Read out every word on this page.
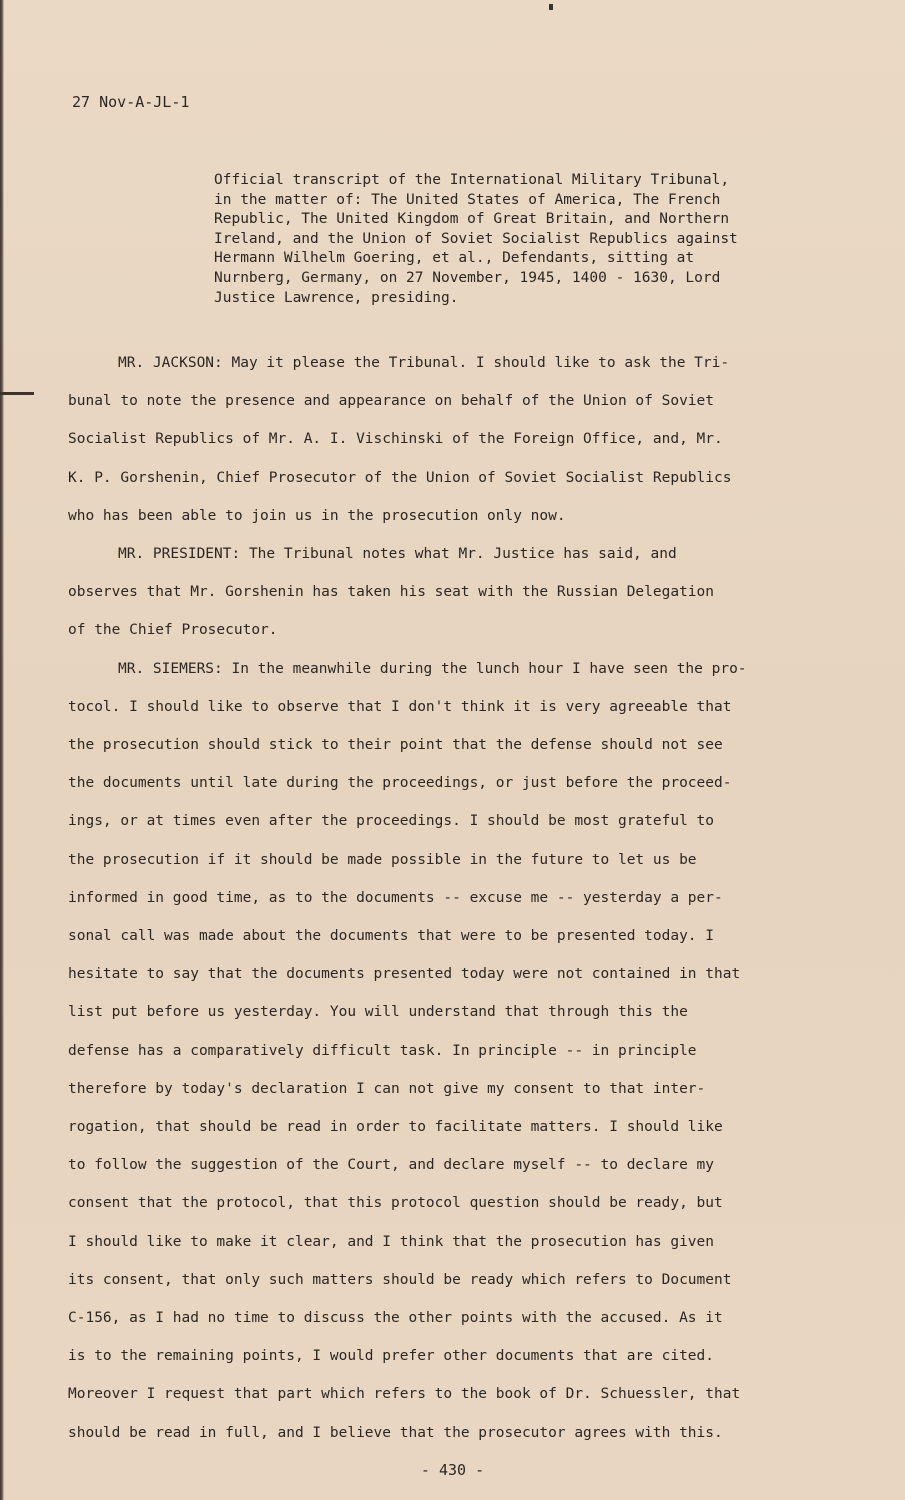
27 Nov-A-JL-1
Official transcript of the International Military Tribunal,
in the matter of: The United States of America, The French
Republic, The United Kingdom of Great Britain, and Northern
Ireland, and the Union of Soviet Socialist Republics against
Hermann Wilhelm Goering, et al., Defendants, sitting at
Nurnberg, Germany, on 27 November, 1945, 1400 - 1630, Lord
Justice Lawrence, presiding.
MR. JACKSON: May it please the Tribunal. I should like to ask the Tri-
bunal to note the presence and appearance on behalf of the Union of Soviet
Socialist Republics of Mr. A. I. Vischinski of the Foreign Office, and, Mr.
K. P. Gorshenin, Chief Prosecutor of the Union of Soviet Socialist Republics
who has been able to join us in the prosecution only now.
MR. PRESIDENT: The Tribunal notes what Mr. Justice has said, and
observes that Mr. Gorshenin has taken his seat with the Russian Delegation
of the Chief Prosecutor.
MR. SIEMERS: In the meanwhile during the lunch hour I have seen the pro-
tocol. I should like to observe that I don't think it is very agreeable that
the prosecution should stick to their point that the defense should not see
the documents until late during the proceedings, or just before the proceed-
ings, or at times even after the proceedings. I should be most grateful to
the prosecution if it should be made possible in the future to let us be
informed in good time, as to the documents -- excuse me -- yesterday a per-
sonal call was made about the documents that were to be presented today. I
hesitate to say that the documents presented today were not contained in that
list put before us yesterday. You will understand that through this the
defense has a comparatively difficult task. In principle -- in principle
therefore by today's declaration I can not give my consent to that inter-
rogation, that should be read in order to facilitate matters. I should like
to follow the suggestion of the Court, and declare myself -- to declare my
consent that the protocol, that this protocol question should be ready, but
I should like to make it clear, and I think that the prosecution has given
its consent, that only such matters should be ready which refers to Document
C-156, as I had no time to discuss the other points with the accused. As it
is to the remaining points, I would prefer other documents that are cited.
Moreover I request that part which refers to the book of Dr. Schuessler, that
should be read in full, and I believe that the prosecutor agrees with this.
- 430 -
